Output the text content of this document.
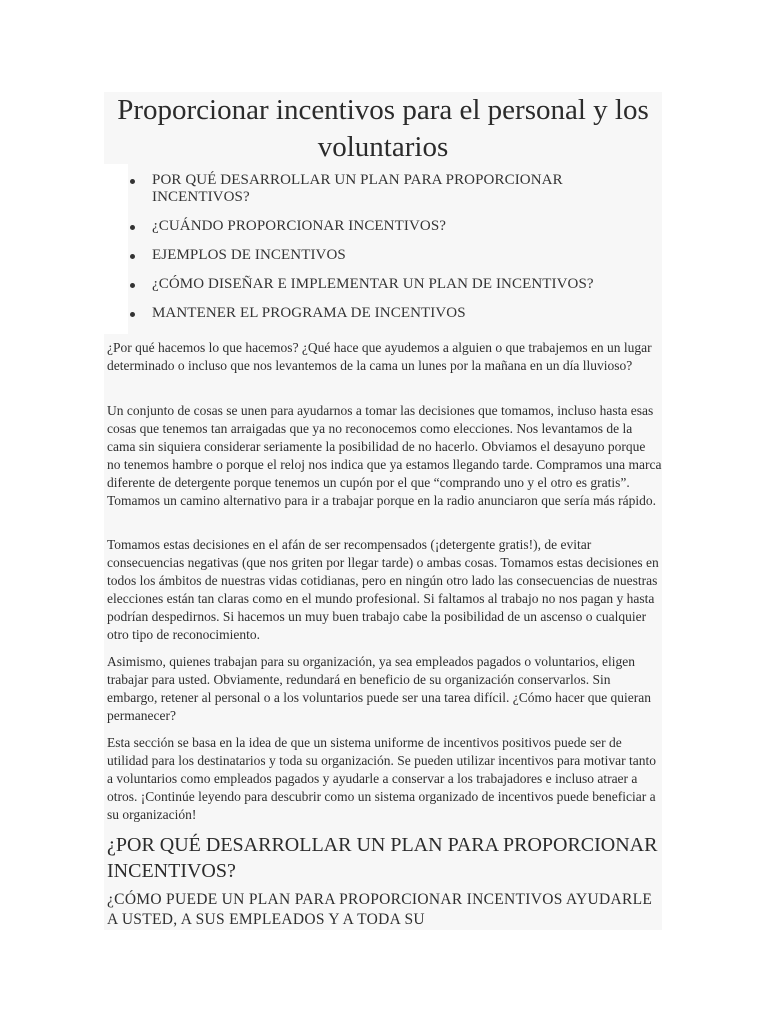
Proporcionar incentivos para el personal y los voluntarios
POR QUÉ DESARROLLAR UN PLAN PARA PROPORCIONAR INCENTIVOS?
¿CUÁNDO PROPORCIONAR INCENTIVOS?
EJEMPLOS DE INCENTIVOS
¿CÓMO DISEÑAR E IMPLEMENTAR UN PLAN DE INCENTIVOS?
MANTENER EL PROGRAMA DE INCENTIVOS

¿Por qué hacemos lo que hacemos? ¿Qué hace que ayudemos a alguien o que trabajemos en un lugar determinado o incluso que nos levantemos de la cama un lunes por la mañana en un día lluvioso?

Un conjunto de cosas se unen para ayudarnos a tomar las decisiones que tomamos, incluso hasta esas cosas que tenemos tan arraigadas que ya no reconocemos como elecciones. Nos levantamos de la cama sin siquiera considerar seriamente la posibilidad de no hacerlo. Obviamos el desayuno porque no tenemos hambre o porque el reloj nos indica que ya estamos llegando tarde. Compramos una marca diferente de detergente porque tenemos un cupón por el que “comprando uno y el otro es gratis”. Tomamos un camino alternativo para ir a trabajar porque en la radio anunciaron que sería más rápido.

Tomamos estas decisiones en el afán de ser recompensados (¡detergente gratis!), de evitar consecuencias negativas (que nos griten por llegar tarde) o ambas cosas. Tomamos estas decisiones en todos los ámbitos de nuestras vidas cotidianas, pero en ningún otro lado las consecuencias de nuestras elecciones están tan claras como en el mundo profesional. Si faltamos al trabajo no nos pagan y hasta podrían despedirnos. Si hacemos un muy buen trabajo cabe la posibilidad de un ascenso o cualquier otro tipo de reconocimiento.

Asimismo, quienes trabajan para su organización, ya sea empleados pagados o voluntarios, eligen trabajar para usted. Obviamente, redundará en beneficio de su organización conservarlos. Sin embargo, retener al personal o a los voluntarios puede ser una tarea difícil. ¿Cómo hacer que quieran permanecer?

Esta sección se basa en la idea de que un sistema uniforme de incentivos positivos puede ser de utilidad para los destinatarios y toda su organización. Se pueden utilizar incentivos para motivar tanto a voluntarios como empleados pagados y ayudarle a conservar a los trabajadores e incluso atraer a otros. ¡Continúe leyendo para descubrir como un sistema organizado de incentivos puede beneficiar a su organización!

¿POR QUÉ DESARROLLAR UN PLAN PARA PROPORCIONAR INCENTIVOS?
¿CÓMO PUEDE UN PLAN PARA PROPORCIONAR INCENTIVOS AYUDARLE A USTED, A SUS EMPLEADOS Y A TODA SU
